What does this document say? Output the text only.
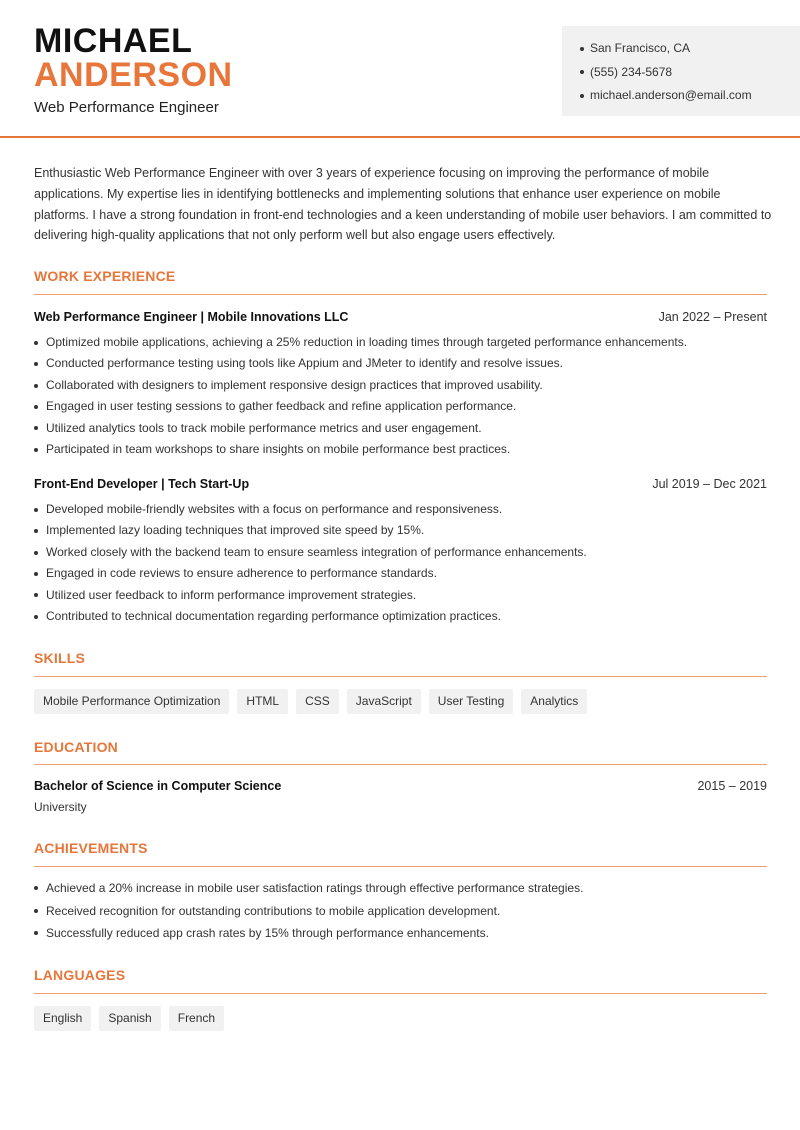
MICHAEL
ANDERSON
Web Performance Engineer
San Francisco, CA
(555) 234-5678
michael.anderson@email.com
Enthusiastic Web Performance Engineer with over 3 years of experience focusing on improving the performance of mobile applications. My expertise lies in identifying bottlenecks and implementing solutions that enhance user experience on mobile platforms. I have a strong foundation in front-end technologies and a keen understanding of mobile user behaviors. I am committed to delivering high-quality applications that not only perform well but also engage users effectively.
WORK EXPERIENCE
Web Performance Engineer | Mobile Innovations LLC	Jan 2022 – Present
Optimized mobile applications, achieving a 25% reduction in loading times through targeted performance enhancements.
Conducted performance testing using tools like Appium and JMeter to identify and resolve issues.
Collaborated with designers to implement responsive design practices that improved usability.
Engaged in user testing sessions to gather feedback and refine application performance.
Utilized analytics tools to track mobile performance metrics and user engagement.
Participated in team workshops to share insights on mobile performance best practices.
Front-End Developer | Tech Start-Up	Jul 2019 – Dec 2021
Developed mobile-friendly websites with a focus on performance and responsiveness.
Implemented lazy loading techniques that improved site speed by 15%.
Worked closely with the backend team to ensure seamless integration of performance enhancements.
Engaged in code reviews to ensure adherence to performance standards.
Utilized user feedback to inform performance improvement strategies.
Contributed to technical documentation regarding performance optimization practices.
SKILLS
Mobile Performance Optimization	HTML	CSS	JavaScript	User Testing	Analytics
EDUCATION
Bachelor of Science in Computer Science	2015 – 2019
University
ACHIEVEMENTS
Achieved a 20% increase in mobile user satisfaction ratings through effective performance strategies.
Received recognition for outstanding contributions to mobile application development.
Successfully reduced app crash rates by 15% through performance enhancements.
LANGUAGES
English	Spanish	French
